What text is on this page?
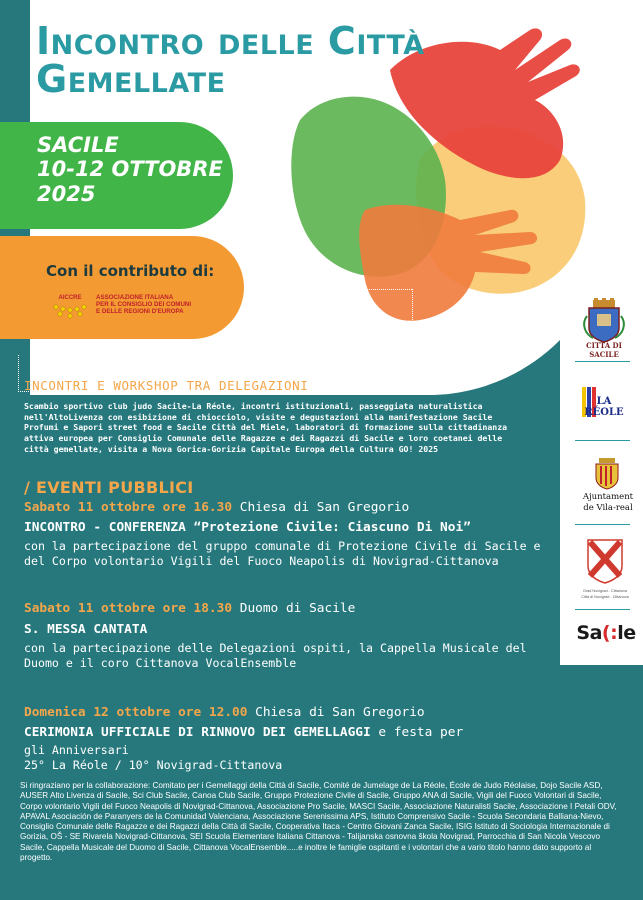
Incontro delle Città
Gemellate
SACILE
10-12 OTTOBRE
2025
Con il contributo di:
AICCRE ASSOCIAZIONE ITALIANA
PER IL CONSIGLIO DEI COMUNI
E DELLE REGIONI D'EUROPA
INCONTRI E WORKSHOP TRA DELEGAZIONI
Scambio sportivo club judo Sacile-La Réole, incontri istituzionali, passeggiata naturalistica nell'AltoLivenza con esibizione di chiocciolo, visite e degustazioni alla manifestazione Sacile Profumi e Sapori street food e Sacile Città del Miele, laboratori di formazione sulla cittadinanza attiva europea per Consiglio Comunale delle Ragazze e dei Ragazzi di Sacile e loro coetanei delle città gemellate, visita a Nova Gorica-Gorizia Capitale Europa della Cultura GO! 2025
/ EVENTI PUBBLICI
Sabato 11 ottobre ore 16.30 Chiesa di San Gregorio
INCONTRO - CONFERENZA “Protezione Civile: Ciascuno Di Noi”
con la partecipazione del gruppo comunale di Protezione Civile di Sacile e del Corpo volontario Vigili del Fuoco Neapolis di Novigrad-Cittanova
Sabato 11 ottobre ore 18.30 Duomo di Sacile
S. MESSA CANTATA
con la partecipazione delle Delegazioni ospiti, la Cappella Musicale del Duomo e il coro Cittanova VocalEnsemble
Domenica 12 ottobre ore 12.00 Chiesa di San Gregorio
CERIMONIA UFFICIALE DI RINNOVO DEI GEMELLAGGI e festa per
gli Anniversari
25° La Réole / 10° Novigrad-Cittanova
Si ringraziano per la collaborazione: Comitato per i Gemellaggi della Città di Sacile, Comité de Jumelage de La Réole, École de Judo Réolaise, Dojo Sacile ASD, AUSER Alto Livenza di Sacile, Sci Club Sacile, Canoa Club Sacile, Gruppo Protezione Civile di Sacile, Gruppo ANA di Sacile, Vigili del Fuoco Volontari di Sacile, Corpo volontario Vigili del Fuoco Neapolis di Novigrad-Cittanova, Associazione Pro Sacile, MASCI Sacile, Associazione Naturalisti Sacile, Associazione I Petali ODV, APAVAL Asociación de Paranyers de la Comunidad Valenciana, Associazione Serenissima APS, Istituto Comprensivo Sacile - Scuola Secondaria Balliana-Nievo, Consiglio Comunale delle Ragazze e dei Ragazzi della Città di Sacile, Cooperativa Itaca - Centro Giovani Zanca Sacile, ISIG Istituto di Sociologia Internazionale di Gorizia, OŠ - SE Rivarela Novigrad-Cittanova, SEI Scuola Elementare Italiana Cittanova - Talijanska osnovna škola Novigrad, Parrocchia di San Nicola Vescovo Sacile, Cappella Musicale del Duomo di Sacile, Cittanova VocalEnsemble.....e inoltre le famiglie ospitanti e i volontari che a vario titolo hanno dato supporto al progetto.
CITTÀ DI SACILE
LA RÉOLE
Ajuntament
de Vila-real
Grad Novigrad - Cittanova
Città di Novigrad - Cittanova
Sa(:le
